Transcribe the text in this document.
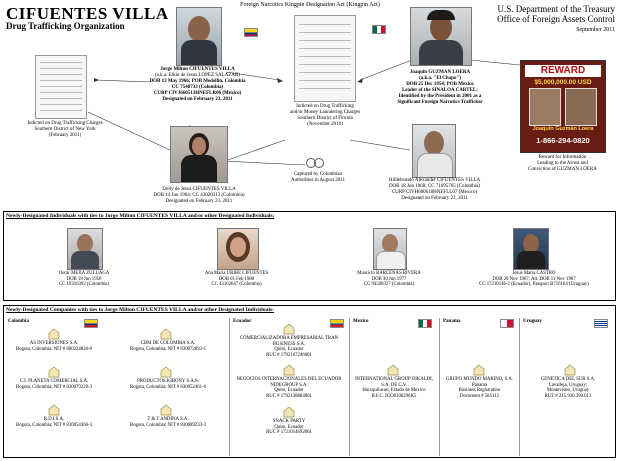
CIFUENTES VILLA
Drug Trafficking Organization
Foreign Narcotics Kingpin Designation Act (Kingpin Act)	U.S. Department of the Treasury
Office of Foreign Assets Control
September 2011
Indicted on Drug Trafficking Charges
Southern District of New York
(February 2011)
Jorge Milton CIFUENTES VILLA
(a.k.a. Elkin de Jesus LOPEZ SALAZAR)
DOB 13 May 1966; POB Medellin, Colombia
CC 7548733 (Colombia)
CURP CIVJ660513HNEFLR06 (Mexico)
Designated on February 23, 2011
Indicted on Drug Trafficking
and/or Money Laundering Charges
Southern District of Florida
(November 2010)
Joaquin GUZMAN LOERA
(a.k.a. "El Chapo")
DOB 25 Dec 1954; POB Mexico
Leader of the SINALOA CARTEL;
Identified by the President in 2001 as a
Significant Foreign Narcotics Trafficker
REWARD
$5,000,000.00 USD
Joaquín Guzmán Loera
1-866-294-0820
Reward for Information
Leading to the Arrest and
Conviction of GUZMAN LOERA
Dolly de Jesus CIFUENTES VILLA
DOB 14 Jun 1964; CC 43020313 (Colombia)
Designated on February 23, 2011
Captured by Colombian
Authorities in August 2011	Hildebrando Alexander CIFUENTES VILLA
DOB 18 Jun 1968; CC 71695765 (Colombia)
CURP CIVH680618HNEFLL07 (Mexico)
Designated on February 23, 2011
Newly-Designated Individuals with ties to Jorge Milton CIFUENTES VILLA and/or other Designated Individuals:
Oscar MEJIA ZULUAGA
DOB 18 Jun 1956
CC 19316392 (Colombia)
Ana Maria URIBE CIFUENTES
DOB 01 Feb 1980
CC 43162647 (Colombia)
Mauricio BARCENAS RIVERA
DOB 30 Jun 1977
CC 94508327 (Colombia)
Jesus Maria CASTRO
DOB 20 Nov 1967; Alt. DOB 11 Nov 1967
CC 17210146-2 (Ecuador), Passport B716164 (Uruguay)
Newly-Designated Companies with ties to Jorge Milton CIFUENTES VILLA and/or other Designated Individuals:
Colombia
AS INVERSIONES S.A.
Bogota, Colombia; NIT # 800224826-0
CBM DE COLOMBIA S.A.
Bogota, Colombia; NIT # 830072893-1
C.I. PLANETA COMERCIAL S.A.
Bogota, Colombia; NIT # 830079228-3
PRODUCTOS KIBONY S.A.S.
Bogota, Colombia; NIT # 830052461-6
R.D.I S.A.
Bogota, Colombia; NIT # 830054366-3
T & T ANDINA S.A.
Bogota, Colombia; NIT # 830089233-3
Ecuador
COMERCIALIZADORA EMPRESARIAL TRAN BUSINESS S.A.
Quito, Ecuador
RUC # 1792167246001
NEGOCIOS INTERNACIONALES DEL ECUADOR NIDEGROUP S.A.
Quito, Ecuador
RUC # 1792138884001
SNACK PARTY
Quito, Ecuador
RUC # 1721014692001
Mexico
INTERNATIONAL GROUP OIKALDI, S.A. DE C.V.
Huixquilucan, Estado de Mexico
R.F.C. IGO0106296K5
Panama
GRUPO MUNDO MARINO, S.A.
Panama
Business Registration
Document # 585112
Uruguay
GENETICA DEL SUR S.A.
Lavalleja, Uruguay;
Montevideo, Uruguay
RUT # 215.930.390.012
